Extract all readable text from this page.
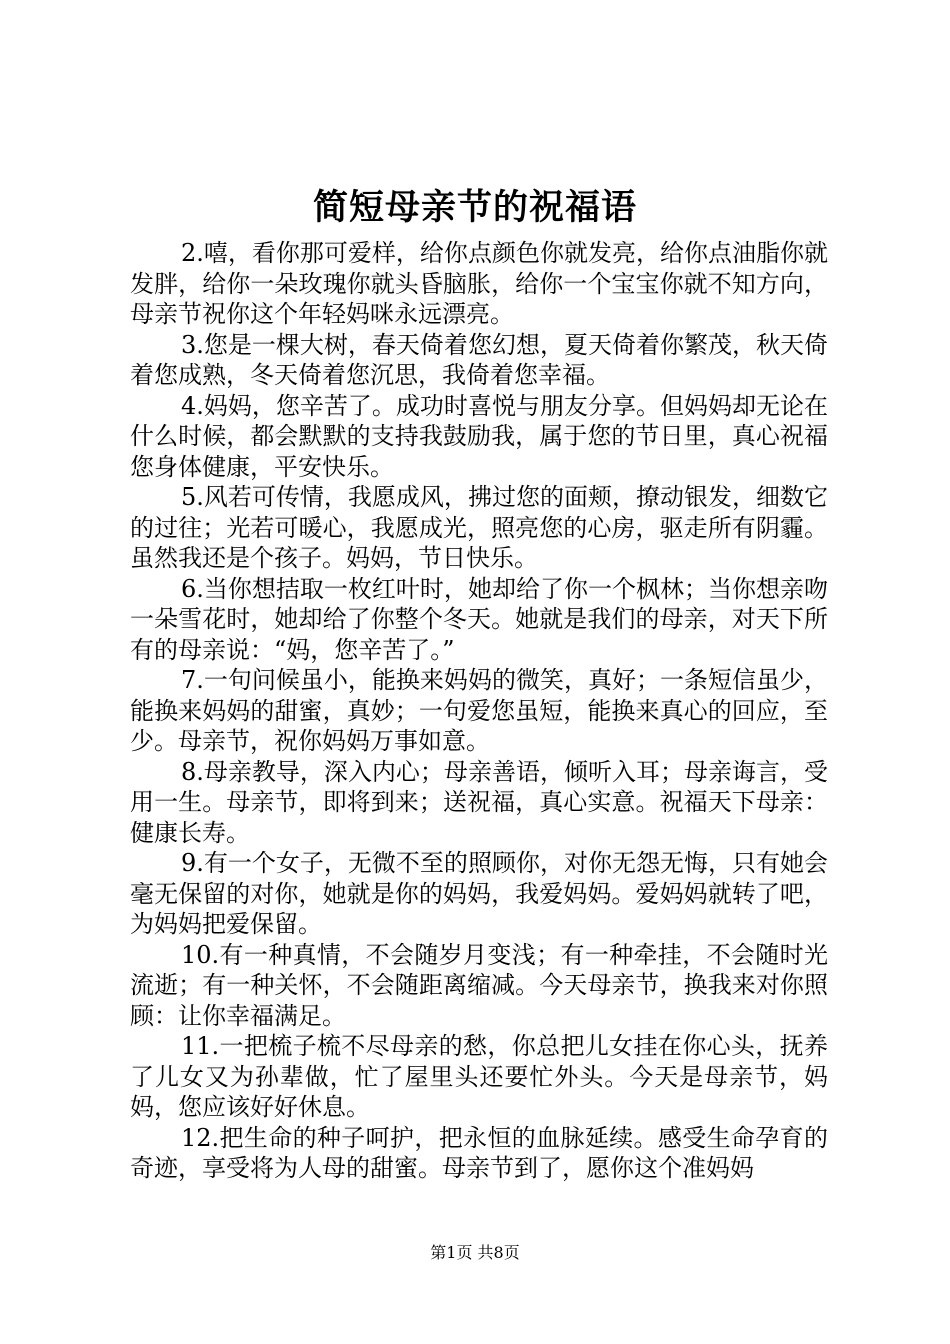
简短母亲节的祝福语

2.嘻，看你那可爱样，给你点颜色你就发亮，给你点油脂你就发胖，给你一朵玫瑰你就头昏脑胀，给你一个宝宝你就不知方向，母亲节祝你这个年轻妈咪永远漂亮。

3.您是一棵大树，春天倚着您幻想，夏天倚着你繁茂，秋天倚着您成熟，冬天倚着您沉思，我倚着您幸福。

4.妈妈，您辛苦了。成功时喜悦与朋友分享。但妈妈却无论在什么时候，都会默默的支持我鼓励我，属于您的节日里，真心祝福您身体健康，平安快乐。

5.风若可传情，我愿成风，拂过您的面颊，撩动银发，细数它的过往；光若可暖心，我愿成光，照亮您的心房，驱走所有阴霾。虽然我还是个孩子。妈妈，节日快乐。

6.当你想拮取一枚红叶时，她却给了你一个枫林；当你想亲吻一朵雪花时，她却给了你整个冬天。她就是我们的母亲，对天下所有的母亲说：“妈，您辛苦了。”

7.一句问候虽小，能换来妈妈的微笑，真好；一条短信虽少，能换来妈妈的甜蜜，真妙；一句爱您虽短，能换来真心的回应，至少。母亲节，祝你妈妈万事如意。

8.母亲教导，深入内心；母亲善语，倾听入耳；母亲诲言，受用一生。母亲节，即将到来；送祝福，真心实意。祝福天下母亲：健康长寿。

9.有一个女子，无微不至的照顾你，对你无怨无悔，只有她会毫无保留的对你，她就是你的妈妈，我爱妈妈。爱妈妈就转了吧，为妈妈把爱保留。

10.有一种真情，不会随岁月变浅；有一种牵挂，不会随时光流逝；有一种关怀，不会随距离缩减。今天母亲节，换我来对你照顾：让你幸福满足。

11.一把梳子梳不尽母亲的愁，你总把儿女挂在你心头，抚养了儿女又为孙辈做，忙了屋里头还要忙外头。今天是母亲节，妈妈，您应该好好休息。

12.把生命的种子呵护，把永恒的血脉延续。感受生命孕育的奇迹，享受将为人母的甜蜜。母亲节到了，愿你这个准妈妈

第1页 共8页
